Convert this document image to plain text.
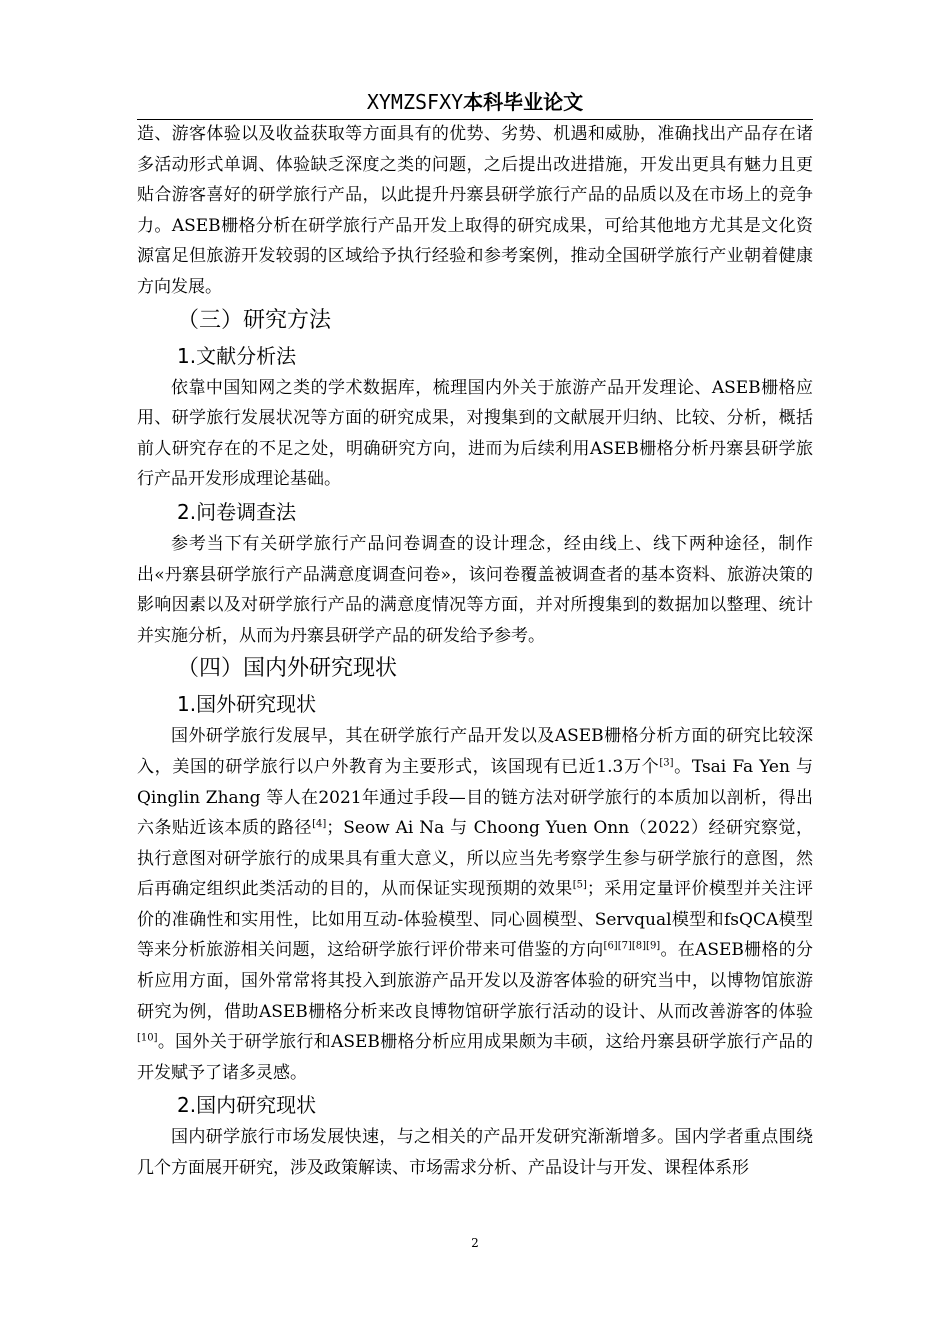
XYMZSFXY本科毕业论文

造、游客体验以及收益获取等方面具有的优势、劣势、机遇和威胁，准确找出产品存在诸多活动形式单调、体验缺乏深度之类的问题，之后提出改进措施，开发出更具有魅力且更贴合游客喜好的研学旅行产品，以此提升丹寨县研学旅行产品的品质以及在市场上的竞争力。ASEB栅格分析在研学旅行产品开发上取得的研究成果，可给其他地方尤其是文化资源富足但旅游开发较弱的区域给予执行经验和参考案例，推动全国研学旅行产业朝着健康方向发展。

（三）研究方法
1.文献分析法

依靠中国知网之类的学术数据库，梳理国内外关于旅游产品开发理论、ASEB栅格应用、研学旅行发展状况等方面的研究成果，对搜集到的文献展开归纳、比较、分析，概括前人研究存在的不足之处，明确研究方向，进而为后续利用ASEB栅格分析丹寨县研学旅行产品开发形成理论基础。

2.问卷调查法

参考当下有关研学旅行产品问卷调查的设计理念，经由线上、线下两种途径，制作出«丹寨县研学旅行产品满意度调查问卷»，该问卷覆盖被调查者的基本资料、旅游决策的影响因素以及对研学旅行产品的满意度情况等方面，并对所搜集到的数据加以整理、统计并实施分析，从而为丹寨县研学产品的研发给予参考。

（四）国内外研究现状
1.国外研究现状

国外研学旅行发展早，其在研学旅行产品开发以及ASEB栅格分析方面的研究比较深入，美国的研学旅行以户外教育为主要形式，该国现有已近1.3万个[3]。Tsai Fa Yen 与 Qinglin Zhang 等人在2021年通过手段—目的链方法对研学旅行的本质加以剖析，得出六条贴近该本质的路径[4]；Seow Ai Na 与 Choong Yuen Onn（2022）经研究察觉，执行意图对研学旅行的成果具有重大意义，所以应当先考察学生参与研学旅行的意图，然后再确定组织此类活动的目的，从而保证实现预期的效果[5]；采用定量评价模型并关注评价的准确性和实用性，比如用互动-体验模型、同心圆模型、Servqual模型和fsQCA模型等来分析旅游相关问题，这给研学旅行评价带来可借鉴的方向[6][7][8][9]。在ASEB栅格的分析应用方面，国外常常将其投入到旅游产品开发以及游客体验的研究当中，以博物馆旅游研究为例，借助ASEB栅格分析来改良博物馆研学旅行活动的设计、从而改善游客的体验[10]。国外关于研学旅行和ASEB栅格分析应用成果颇为丰硕，这给丹寨县研学旅行产品的开发赋予了诸多灵感。

2.国内研究现状

国内研学旅行市场发展快速，与之相关的产品开发研究渐渐增多。国内学者重点围绕几个方面展开研究，涉及政策解读、市场需求分析、产品设计与开发、课程体系形

2
